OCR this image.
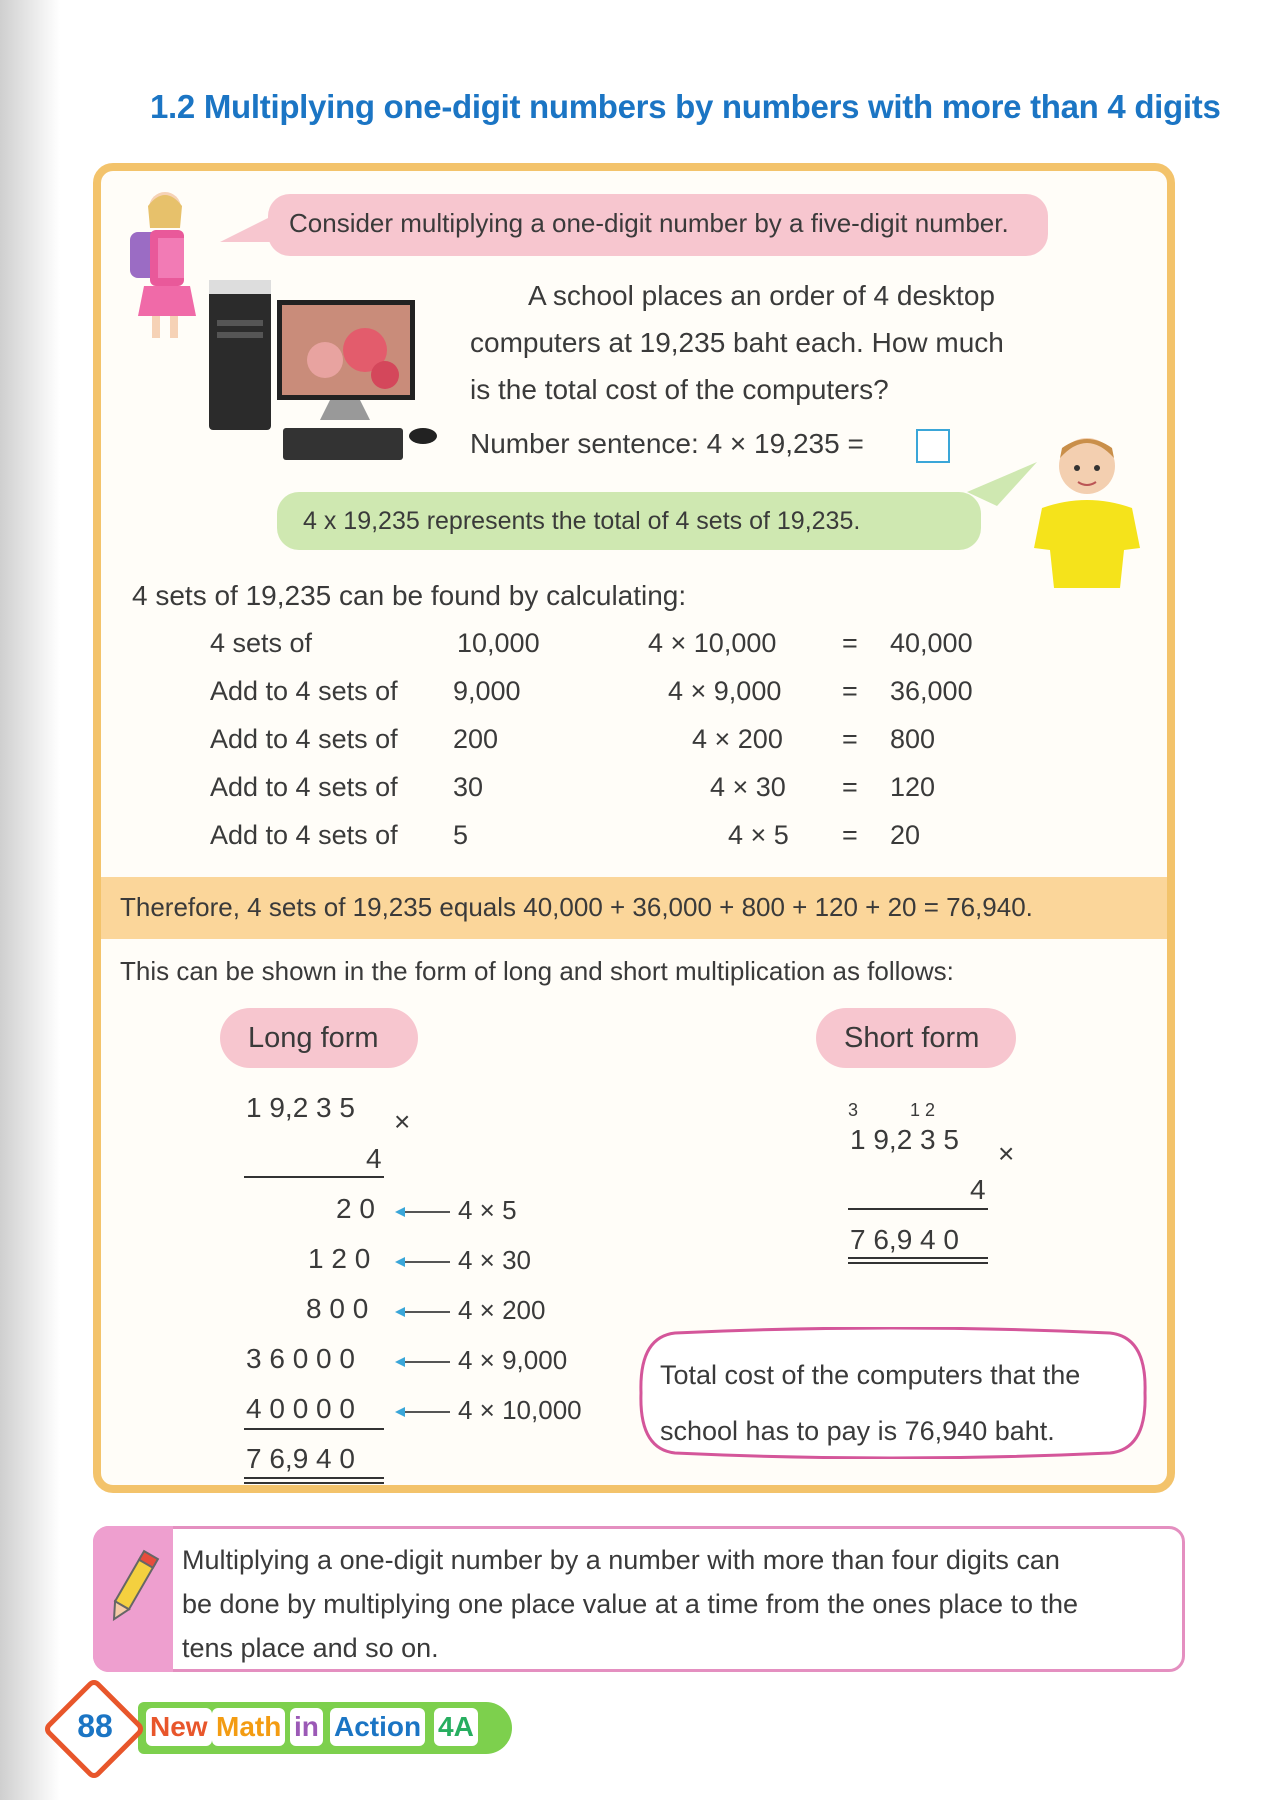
1.2 Multiplying one-digit numbers by numbers with more than 4 digits
Consider multiplying a one-digit number by a five-digit number.
A school places an order of 4 desktop
computers at 19,235 baht each. How much
is the total cost of the computers?
Number sentence: 4 × 19,235 =
4 x 19,235 represents the total of 4 sets of 19,235.
4 sets of 19,235 can be found by calculating:
4 sets of	10,000	4 × 10,000 = 40,000
Add to 4 sets of 9,000	4 × 9,000 = 36,000
Add to 4 sets of 200	4 × 200 = 800
Add to 4 sets of 30	4 × 30 = 120
Add to 4 sets of 5	4 × 5 = 20
Therefore, 4 sets of 19,235 equals 40,000 + 36,000 + 800 + 120 + 20 = 76,940.
This can be shown in the form of long and short multiplication as follows:
Long form
1 9,2 3 5 ×
4
2 0	4 × 5
1 2 0	4 × 30
8 0 0	4 × 200
3 6 0 0 0	4 × 9,000
4 0 0 0 0	4 × 10,000
7 6,9 4 0
Short form
3	1 2
1 9,2 3 5 ×
4
7 6,9 4 0
Total cost of the computers that the
school has to pay is 76,940 baht.
Multiplying a one-digit number by a number with more than four digits can
be done by multiplying one place value at a time from the ones place to the
tens place and so on.
88	New Math in Action 4A
